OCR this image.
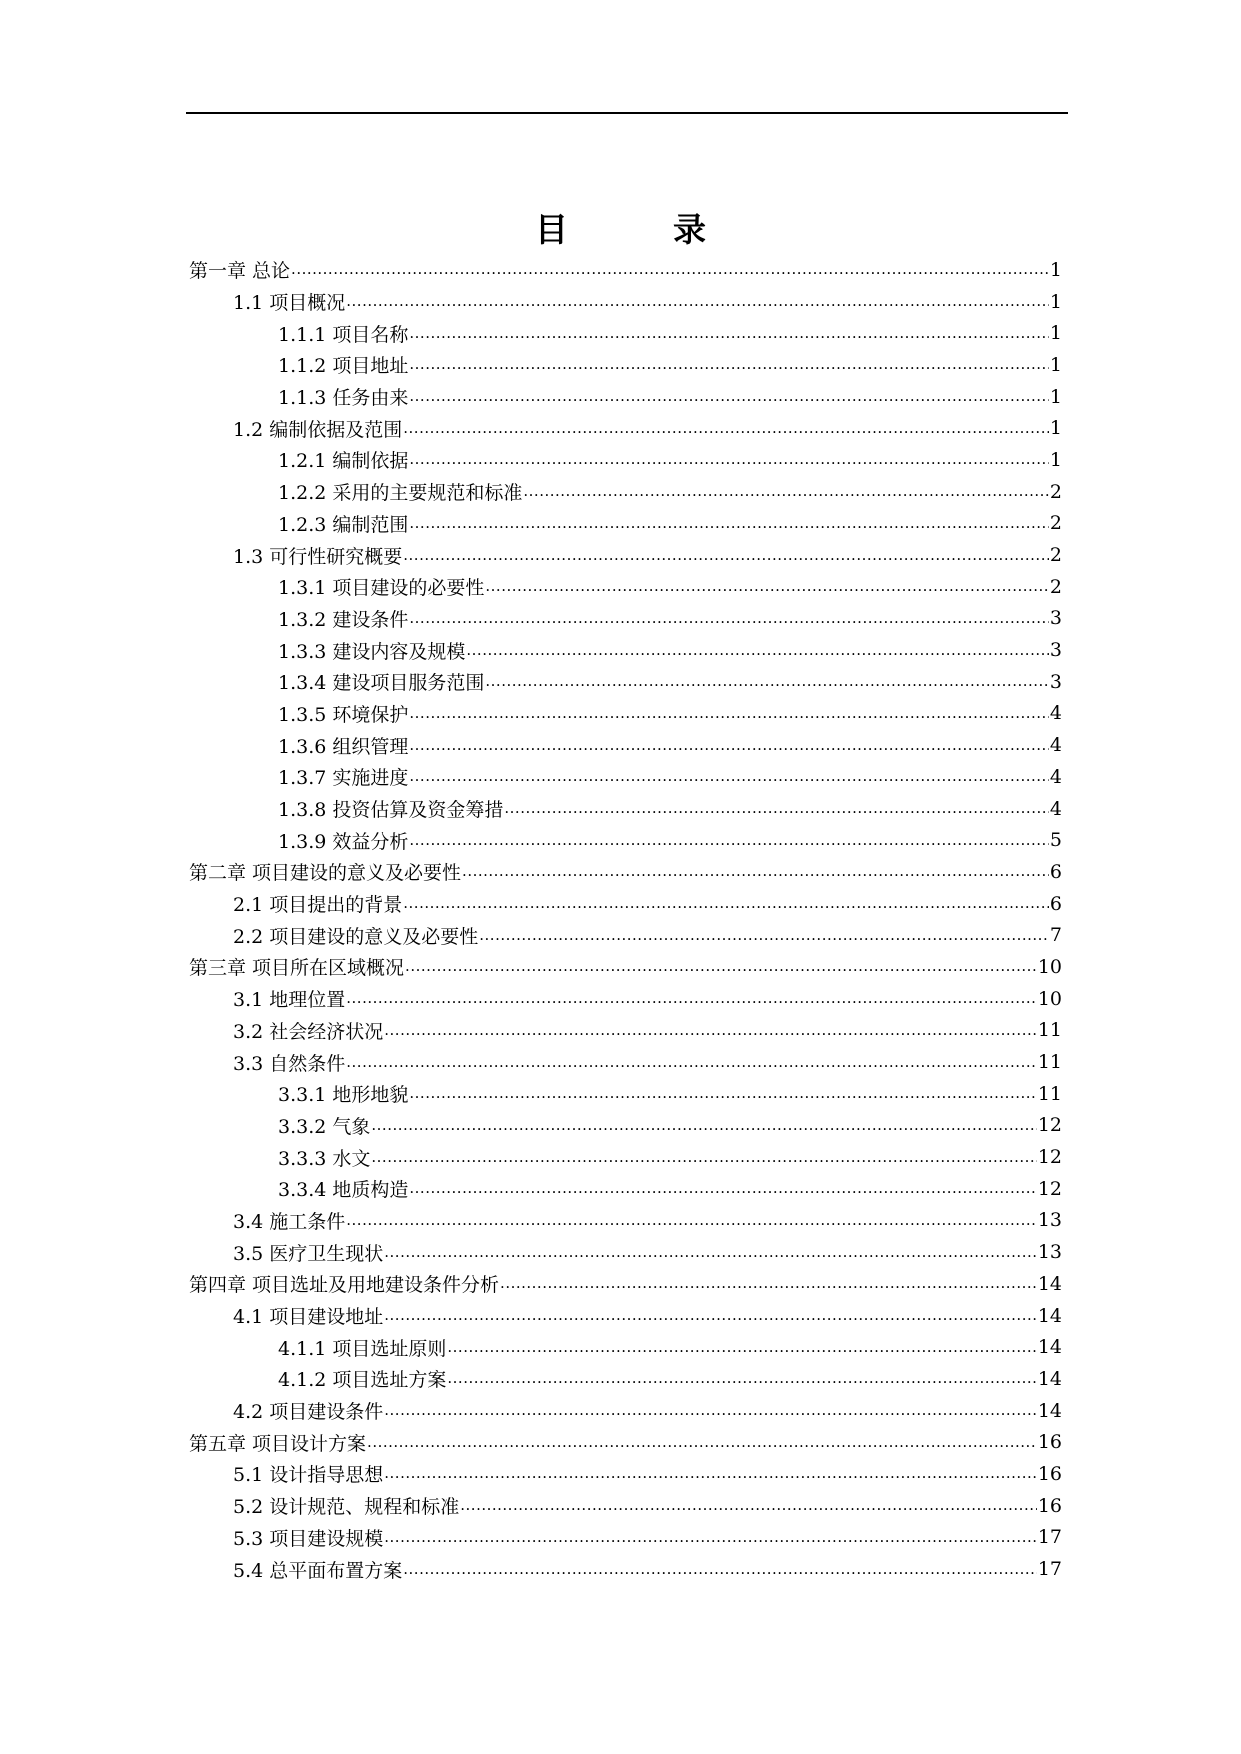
目　录
第一章 总论 .....	1
1.1 项目概况 .....	1
1.1.1 项目名称 .....	1
1.1.2 项目地址 .....	1
1.1.3 任务由来 .....	1
1.2 编制依据及范围 .....	1
1.2.1 编制依据 .....	1
1.2.2 采用的主要规范和标准 .....	2
1.2.3 编制范围 .....	2
1.3 可行性研究概要 .....	2
1.3.1 项目建设的必要性 .....	2
1.3.2 建设条件 .....	3
1.3.3 建设内容及规模 .....	3
1.3.4 建设项目服务范围 .....	3
1.3.5 环境保护 .....	4
1.3.6 组织管理 .....	4
1.3.7 实施进度 .....	4
1.3.8 投资估算及资金筹措 .....	4
1.3.9 效益分析 .....	5
第二章 项目建设的意义及必要性 .....	6
2.1 项目提出的背景 .....	6
2.2 项目建设的意义及必要性 .....	7
第三章 项目所在区域概况 .....	10
3.1 地理位置 .....	10
3.2 社会经济状况 .....	11
3.3 自然条件 .....	11
3.3.1 地形地貌 .....	11
3.3.2 气象 .....	12
3.3.3 水文 .....	12
3.3.4 地质构造 .....	12
3.4 施工条件 .....	13
3.5 医疗卫生现状 .....	13
第四章 项目选址及用地建设条件分析 .....	14
4.1 项目建设地址 .....	14
4.1.1 项目选址原则 .....	14
4.1.2 项目选址方案 .....	14
4.2 项目建设条件 .....	14
第五章 项目设计方案 .....	16
5.1 设计指导思想 .....	16
5.2 设计规范、规程和标准 .....	16
5.3 项目建设规模 .....	17
5.4 总平面布置方案 .....	17
